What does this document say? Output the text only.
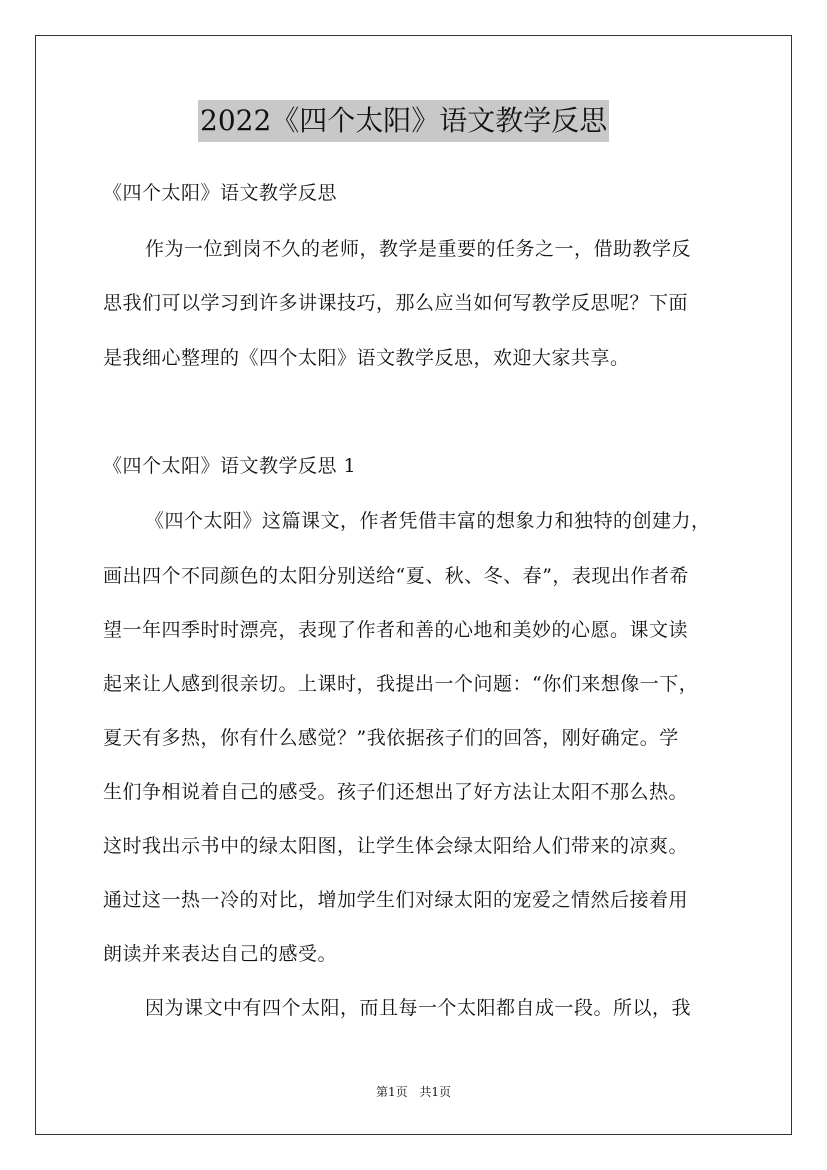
2022《四个太阳》语文教学反思
《四个太阳》语文教学反思
作为一位到岗不久的老师，教学是重要的任务之一，借助教学反
思我们可以学习到许多讲课技巧，那么应当如何写教学反思呢？下面
是我细心整理的《四个太阳》语文教学反思，欢迎大家共享。
《四个太阳》语文教学反思 1
《四个太阳》这篇课文，作者凭借丰富的想象力和独特的创建力，
画出四个不同颜色的太阳分别送给“夏、秋、冬、春”，表现出作者希
望一年四季时时漂亮，表现了作者和善的心地和美妙的心愿。课文读
起来让人感到很亲切。上课时，我提出一个问题：“你们来想像一下，
夏天有多热，你有什么感觉？”我依据孩子们的回答，刚好确定。学
生们争相说着自己的感受。孩子们还想出了好方法让太阳不那么热。
这时我出示书中的绿太阳图，让学生体会绿太阳给人们带来的凉爽。
通过这一热一冷的对比，增加学生们对绿太阳的宠爱之情然后接着用
朗读并来表达自己的感受。
因为课文中有四个太阳，而且每一个太阳都自成一段。所以，我
第1页 共1页
